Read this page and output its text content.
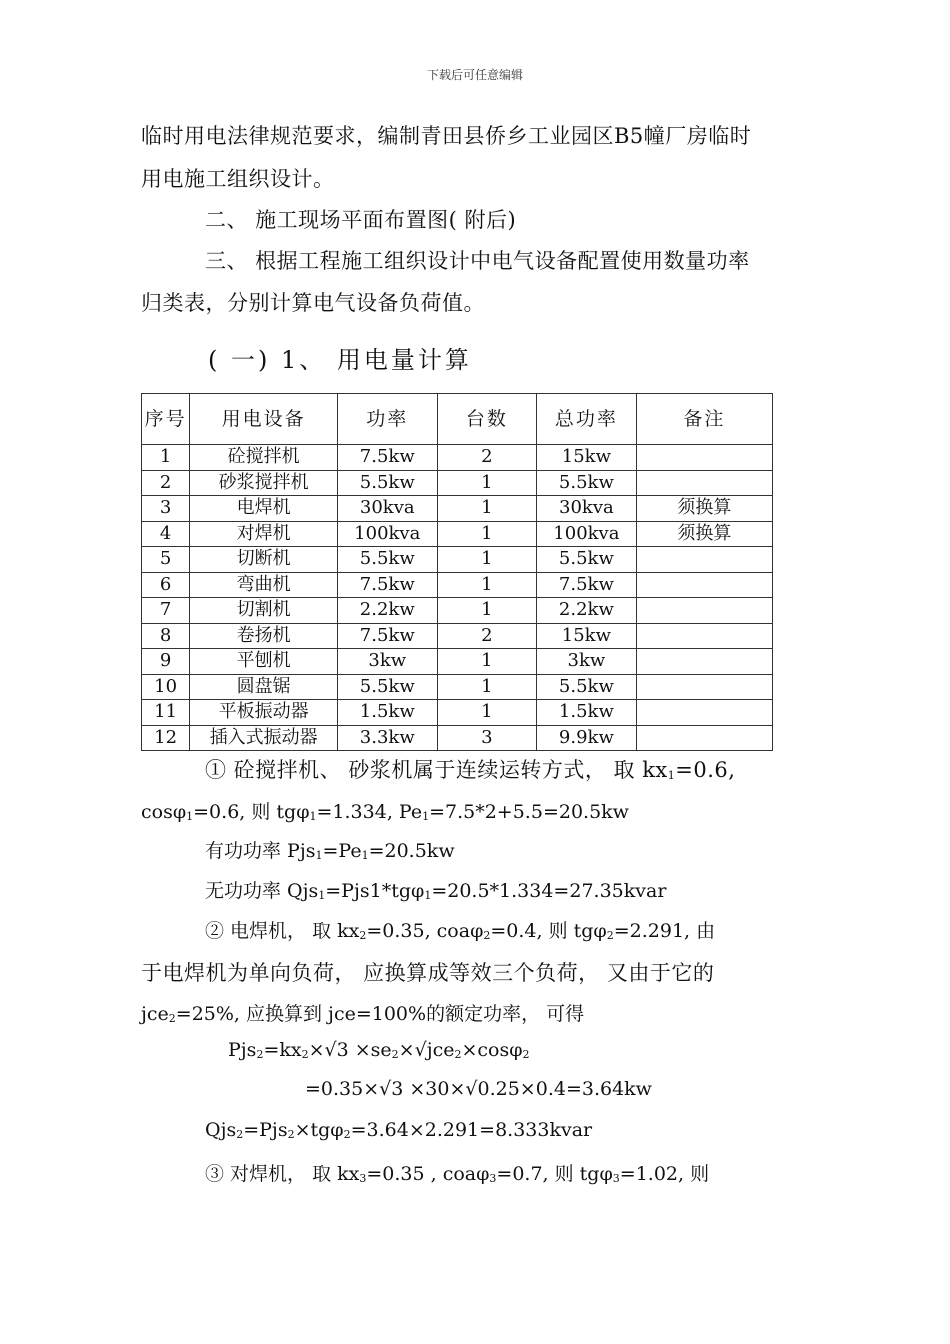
下载后可任意编辑
临时用电法律规范要求，编制青田县侨乡工业园区B5幢厂房临时
用电施工组织设计。
二、 施工现场平面布置图( 附后)
三、 根据工程施工组织设计中电气设备配置使用数量功率
归类表，分别计算电气设备负荷值。
( 一) 1、 用电量计算
序号	用电设备	功率	台数	总功率	备注
1	砼搅拌机	7.5kw	2	15kw	
2	砂浆搅拌机	5.5kw	1	5.5kw	
3	电焊机	30kva	1	30kva	须换算
4	对焊机	100kva	1	100kva	须换算
5	切断机	5.5kw	1	5.5kw	
6	弯曲机	7.5kw	1	7.5kw	
7	切割机	2.2kw	1	2.2kw	
8	卷扬机	7.5kw	2	15kw	
9	平刨机	3kw	1	3kw	
10	圆盘锯	5.5kw	1	5.5kw	
11	平板振动器	1.5kw	1	1.5kw	
12	插入式振动器	3.3kw	3	9.9kw	
① 砼搅拌机、 砂浆机属于连续运转方式， 取 $kx_1=0.6$,
cosφ$_1$=0.6, 则 tgφ$_1$=1.334, $Pe_1=7.5*2+5.5=20.5kw$
有功功率 $Pjs_1=Pe_1=20.5kw$
无功功率 Qjs$_1$=Pjs1*tgφ$_1$=20.5*1.334=27.35kvar
② 电焊机， 取 $kx_2=0.35$, coaφ$_2$=0.4, 则 tgφ$_2$=2.291, 由
于电焊机为单向负荷， 应换算成等效三个负荷， 又由于它的
jce$_2$=25%, 应换算到 jce=100%的额定功率， 可得
$Pjs_2=kx_2\times√3 \times se_2\times√jce_2\times\cos\varphi_2$
=0.35×√3 ×30×√0.25×0.4=3.64kw
Qjs$_2$=Pjs$_2$×tgφ$_2$=3.64×2.291=8.333kvar
③ 对焊机， 取 $kx_3=0.35$ , coaφ$_3$=0.7, 则 tgφ$_3$=1.02, 则
